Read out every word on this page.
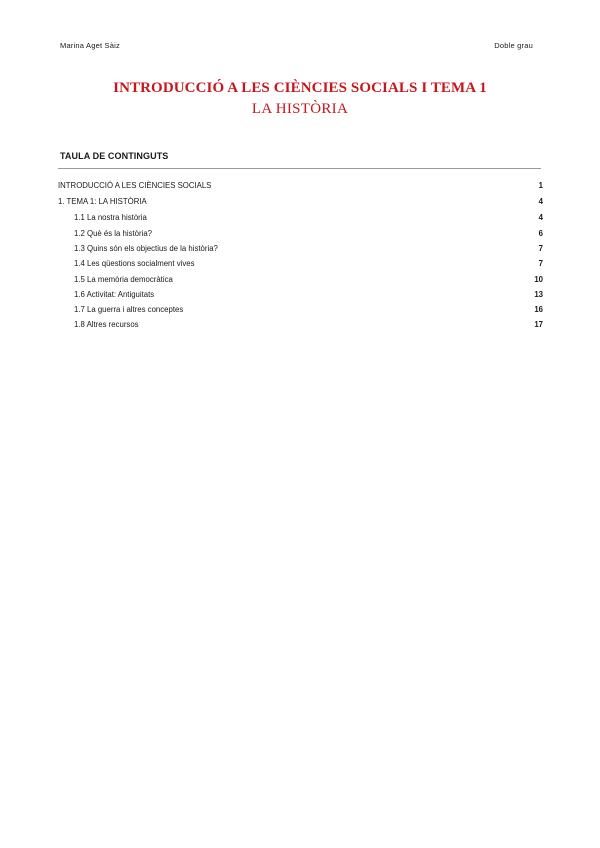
Marina Aget Sàiz	Doble grau
INTRODUCCIÓ A LES CIÈNCIES SOCIALS I TEMA 1
LA HISTÒRIA
TAULA DE CONTINGUTS
INTRODUCCIÓ A LES CIÈNCIES SOCIALS	1
1. TEMA 1: LA HISTÒRIA	4
1.1 La nostra història	4
1.2 Què és la història?	6
1.3 Quins són els objectius de la història?	7
1.4 Les qüestions socialment vives	7
1.5 La memòria democràtica	10
1.6 Activitat: Antiguitats	13
1.7 La guerra i altres conceptes	16
1.8 Altres recursos	17
